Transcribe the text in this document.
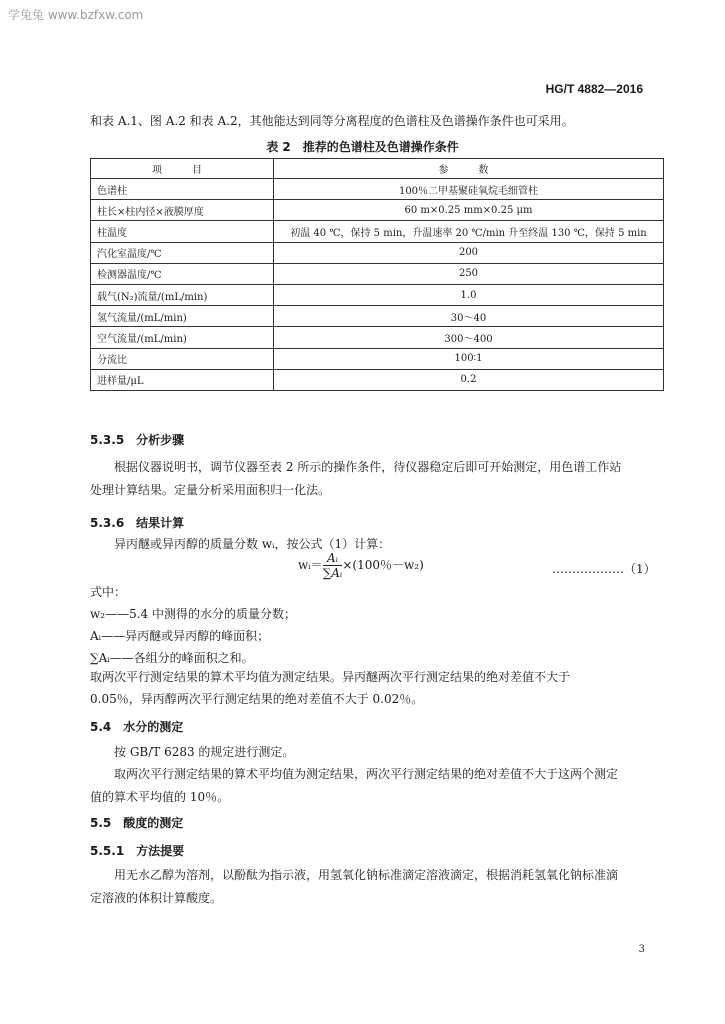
学兔兔 www.bzfxw.com
HG/T 4882—2016
和表 A.1、图 A.2 和表 A.2，其他能达到同等分离程度的色谱柱及色谱操作条件也可采用。
表 2　推荐的色谱柱及色谱操作条件
项　目	参　数
色谱柱	100％二甲基聚硅氧烷毛细管柱
柱长×柱内径×液膜厚度	60 m×0.25 mm×0.25 μm
柱温度	初温 40 ℃，保持 5 min，升温速率 20 ℃/min 升至终温 130 ℃，保持 5 min
汽化室温度/℃	200
检测器温度/℃	250
载气(N₂)流量/(mL/min)	1.0
氢气流量/(mL/min)	30～40
空气流量/(mL/min)	300～400
分流比	100∶1
进样量/μL	0.2
5.3.5　分析步骤
根据仪器说明书，调节仪器至表 2 所示的操作条件，待仪器稳定后即可开始测定，用色谱工作站
处理计算结果。定量分析采用面积归一化法。
5.3.6　结果计算
异丙醚或异丙醇的质量分数 wᵢ，按公式（1）计算：
wᵢ＝ $\frac{\text{Aᵢ}}{\text{∑Aᵢ}} \times(100$％－w₂)	………………（1）
式中：
w₂——5.4 中测得的水分的质量分数；
Aᵢ——异丙醚或异丙醇的峰面积；
∑Aᵢ——各组分的峰面积之和。
取两次平行测定结果的算术平均值为测定结果。异丙醚两次平行测定结果的绝对差值不大于
0.05％，异丙醇两次平行测定结果的绝对差值不大于 0.02％。
5.4　水分的测定
按 GB/T 6283 的规定进行测定。
取两次平行测定结果的算术平均值为测定结果，两次平行测定结果的绝对差值不大于这两个测定
值的算术平均值的 10％。
5.5　酸度的测定
5.5.1　方法提要
用无水乙醇为溶剂，以酚酞为指示液，用氢氧化钠标准滴定溶液滴定，根据消耗氢氧化钠标准滴
定溶液的体积计算酸度。
3
